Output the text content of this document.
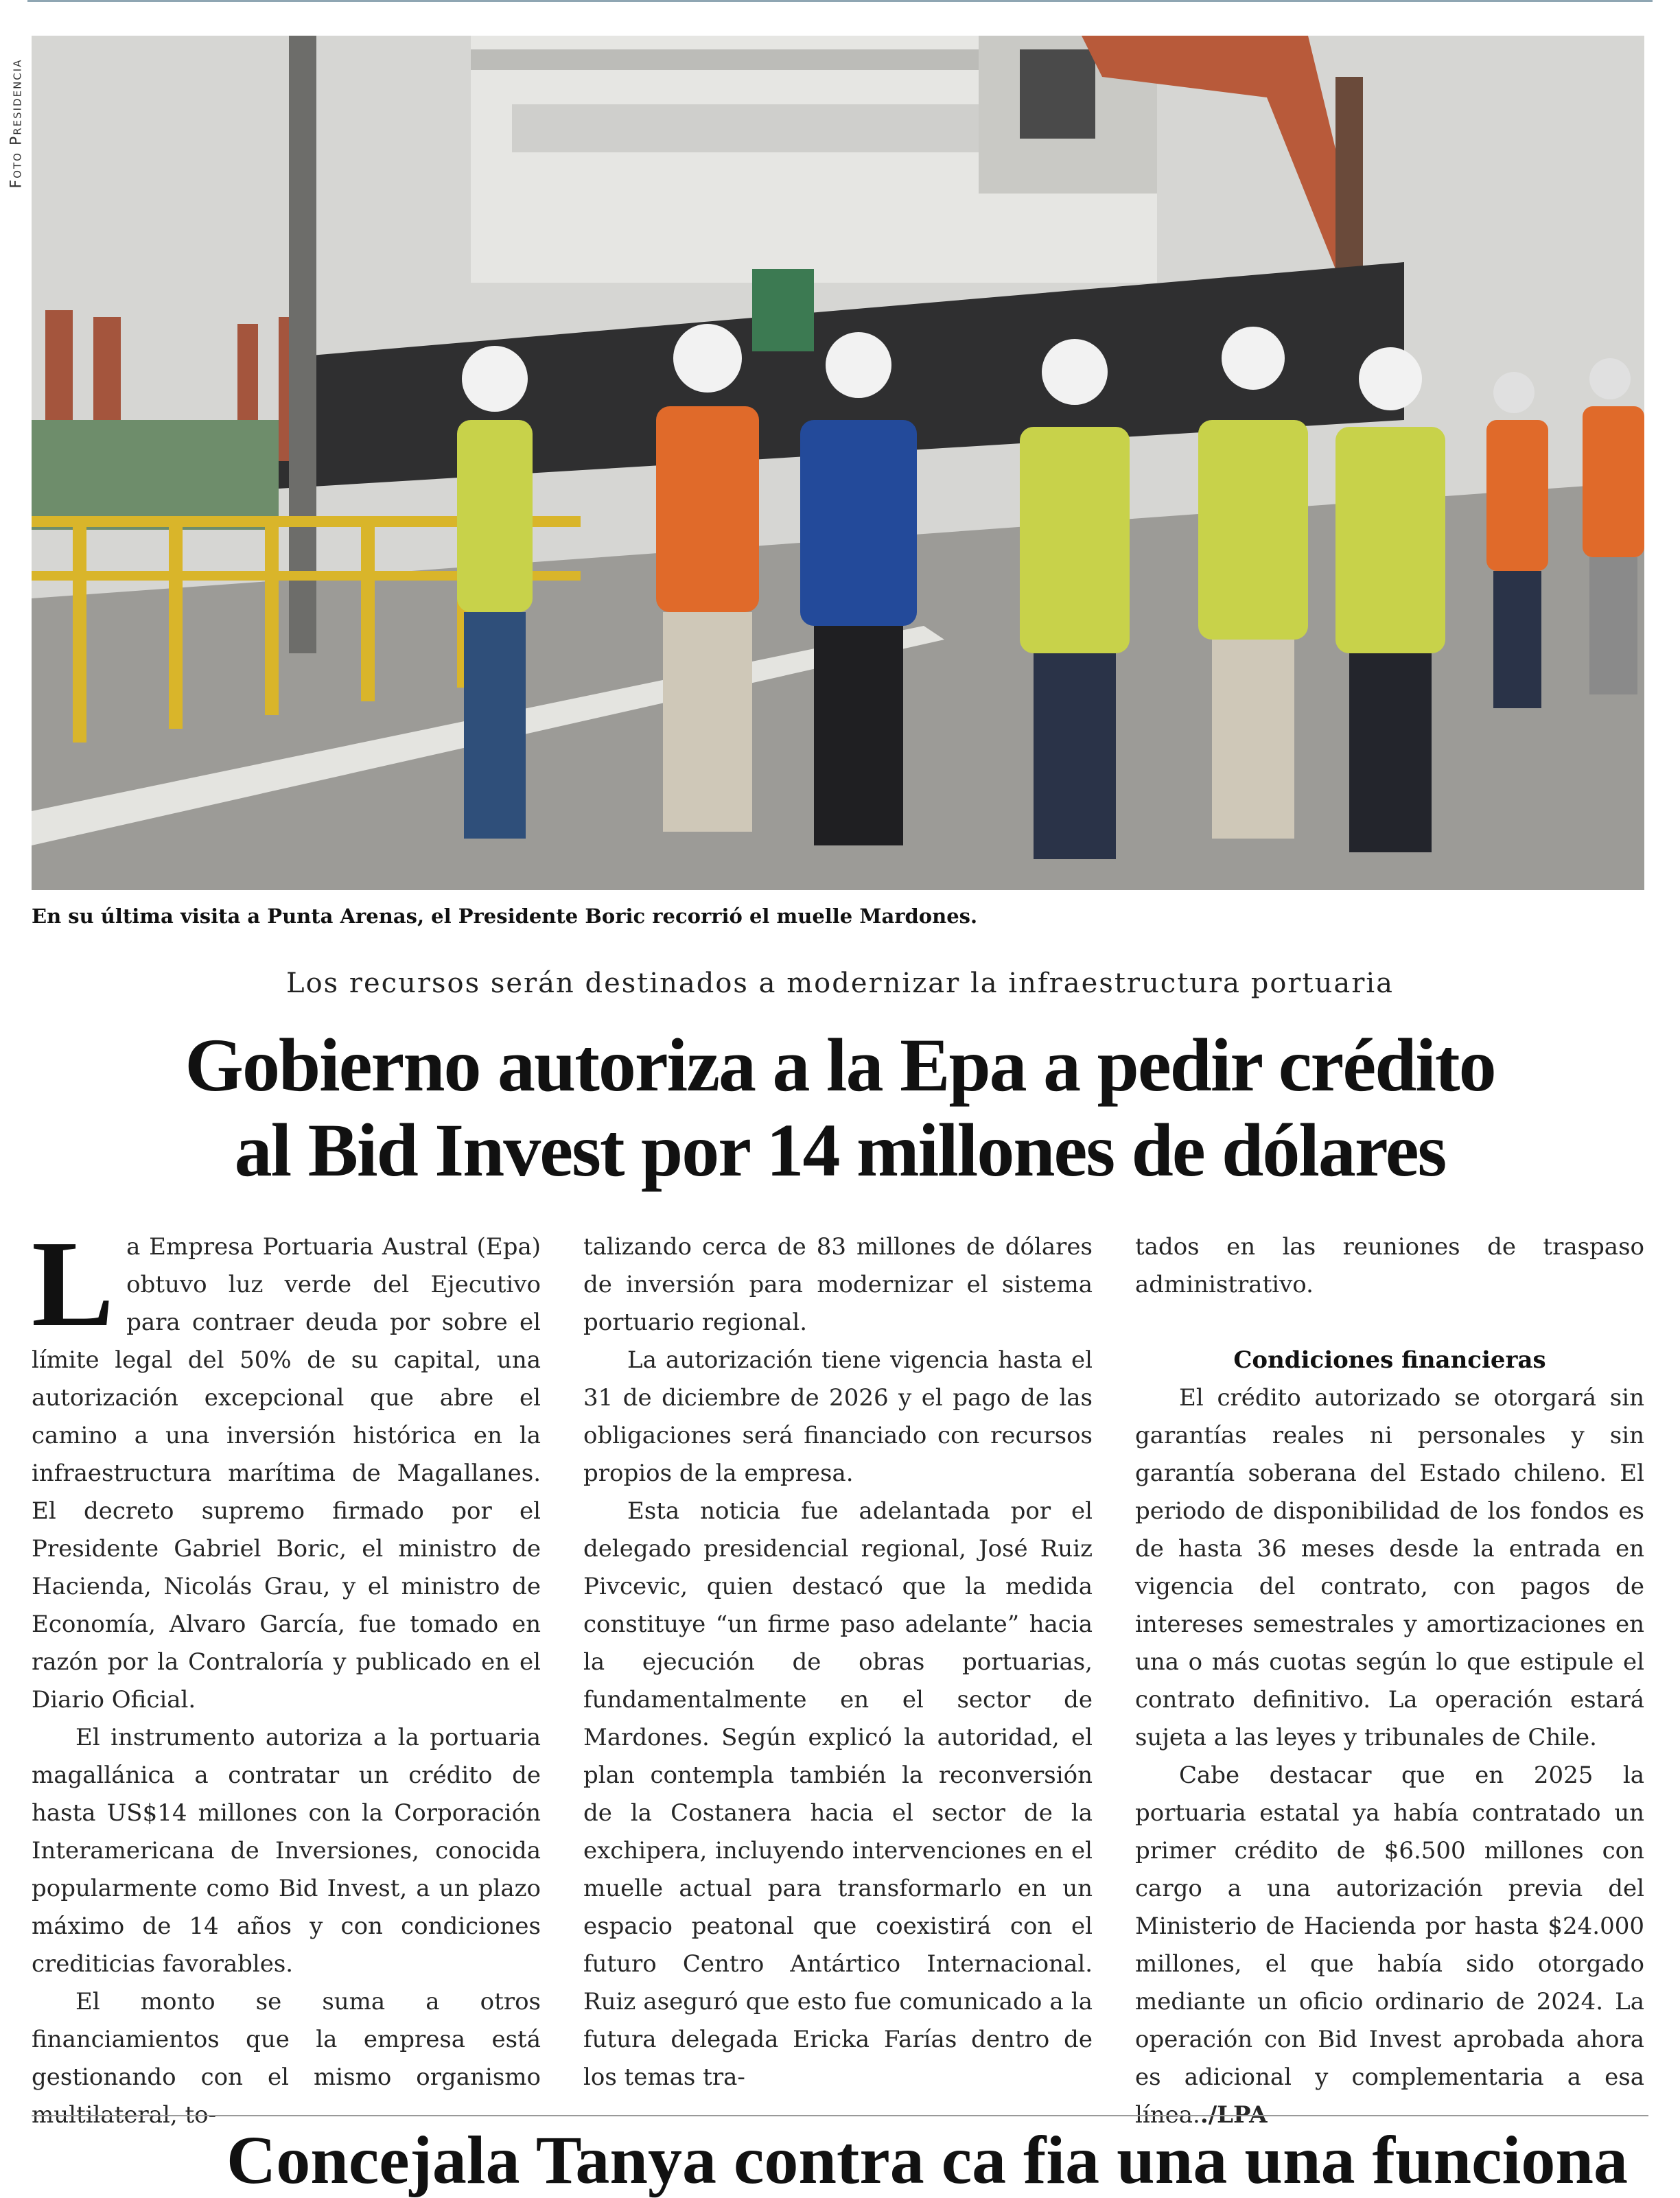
Foto Presidencia
En su última visita a Punta Arenas, el Presidente Boric recorrió el muelle Mardones.
Los recursos serán destinados a modernizar la infraestructura portuaria
Gobierno autoriza a la Epa a pedir crédito
al Bid Invest por 14 millones de dólares

La Empresa Portuaria Austral (Epa) obtuvo luz verde del Ejecutivo para contraer deuda por sobre el límite legal del 50% de su capital, una autorización excepcional que abre el camino a una inversión histórica en la infraestructura marítima de Magallanes. El decreto supremo firmado por el Presidente Gabriel Boric, el ministro de Hacienda, Nicolás Grau, y el ministro de Economía, Alvaro García, fue tomado en razón por la Contraloría y publicado en el Diario Oficial.

El instrumento autoriza a la portuaria magallánica a contratar un crédito de hasta US$14 millones con la Corporación Interamericana de Inversiones, conocida popularmente como Bid Invest, a un plazo máximo de 14 años y con condiciones crediticias favorables.

El monto se suma a otros financiamientos que la empresa está gestionando con el mismo organismo multilateral, to-

talizando cerca de 83 millones de dólares de inversión para modernizar el sistema portuario regional.

La autorización tiene vigencia hasta el 31 de diciembre de 2026 y el pago de las obligaciones será financiado con recursos propios de la empresa.

Esta noticia fue adelantada por el delegado presidencial regional, José Ruiz Pivcevic, quien destacó que la medida constituye “un firme paso adelante” hacia la ejecución de obras portuarias, fundamentalmente en el sector de Mardones. Según explicó la autoridad, el plan contempla también la reconversión de la Costanera hacia el sector de la exchipera, incluyendo intervenciones en el muelle actual para transformarlo en un espacio peatonal que coexistirá con el futuro Centro Antártico Internacional. Ruiz aseguró que esto fue comunicado a la futura delegada Ericka Farías dentro de los temas tra-

tados en las reuniones de traspaso administrativo.

Condiciones financieras

El crédito autorizado se otorgará sin garantías reales ni personales y sin garantía soberana del Estado chileno. El periodo de disponibilidad de los fondos es de hasta 36 meses desde la entrada en vigencia del contrato, con pagos de intereses semestrales y amortizaciones en una o más cuotas según lo que estipule el contrato definitivo. La operación estará sujeta a las leyes y tribunales de Chile.

Cabe destacar que en 2025 la portuaria estatal ya había contratado un primer crédito de $6.500 millones con cargo a una autorización previa del Ministerio de Hacienda por hasta $24.000 millones, el que había sido otorgado mediante un oficio ordinario de 2024. La operación con Bid Invest aprobada ahora es adicional y complementaria a esa línea../LPA

Concejala Tanya contra ca fia una una funciona
